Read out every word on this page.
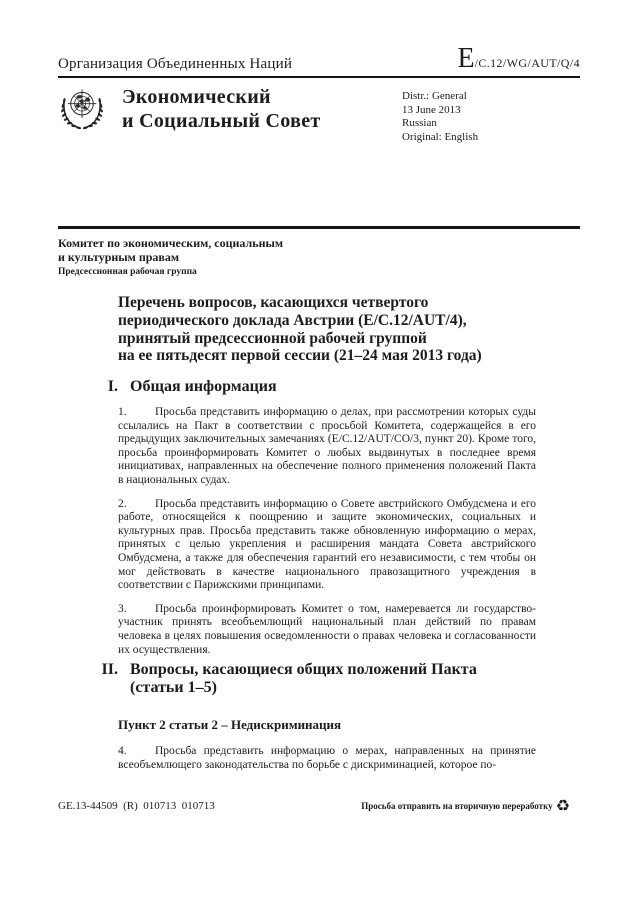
Организация Объединенных Наций	E /C.12/WG/AUT/Q/4
Экономический
и Социальный Совет
Distr.: General
13 June 2013
Russian
Original: English
Комитет по экономическим, социальным
и культурным правам
Предсессионная рабочая группа
Перечень вопросов, касающихся четвертого
периодического доклада Австрии (E/C.12/AUT/4),
принятый предсессионной рабочей группой
на ее пятьдесят первой сессии (21–24 мая 2013 года)
I. Общая информация

1. Просьба представить информацию о делах, при рассмотрении которых суды ссылались на Пакт в соответствии с просьбой Комитета, содержащейся в его предыдущих заключительных замечаниях (E/C.12/AUT/CO/3, пункт 20). Кроме того, просьба проинформировать Комитет о любых выдвинутых в последнее время инициативах, направленных на обеспечение полного применения положений Пакта в национальных судах.

2. Просьба представить информацию о Совете австрийского Омбудсмена и его работе, относящейся к поощрению и защите экономических, социальных и культурных прав. Просьба представить также обновленную информацию о мерах, принятых с целью укрепления и расширения мандата Совета австрийского Омбудсмена, а также для обеспечения гарантий его независимости, с тем чтобы он мог действовать в качестве национального правозащитного учреждения в соответствии с Парижскими принципами.

3. Просьба проинформировать Комитет о том, намеревается ли государство-участник принять всеобъемлющий национальный план действий по правам человека в целях повышения осведомленности о правах человека и согласованности их осуществления.

II. Вопросы, касающиеся общих положений Пакта
(статьи 1–5)
Пункт 2 статьи 2 – Недискриминация

4. Просьба представить информацию о мерах, направленных на принятие всеобъемлющего законодательства по борьбе с дискриминацией, которое по-

GE.13-44509  (R)  010713  010713	Просьба отправить на вторичную переработку ♻
